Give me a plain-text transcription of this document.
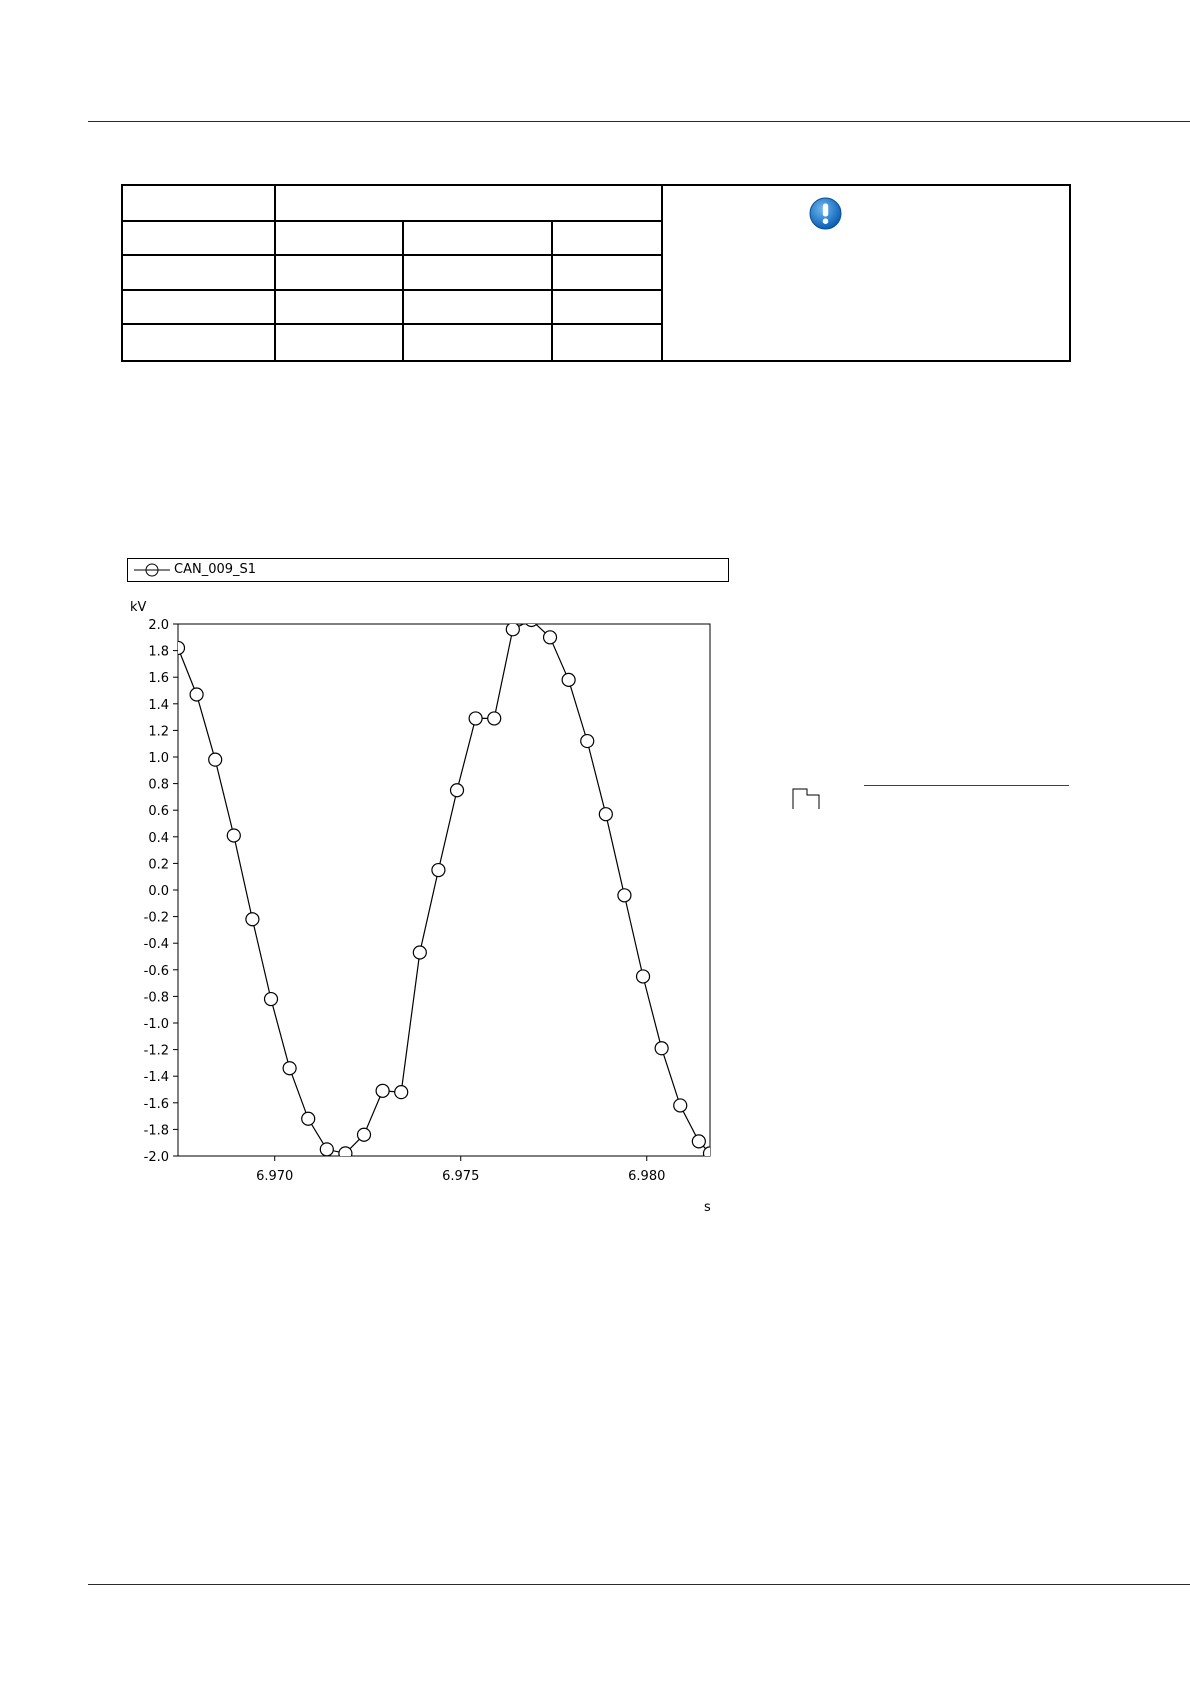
CAN_009_S1
kV
s
2.0
1.8
1.6
1.4
1.2
1.0
0.8
0.6
0.4
0.2
0.0
-0.2
-0.4
-0.6
-0.8
-1.0
-1.2
-1.4
-1.6
-1.8
-2.0
6.970	6.975	6.980
